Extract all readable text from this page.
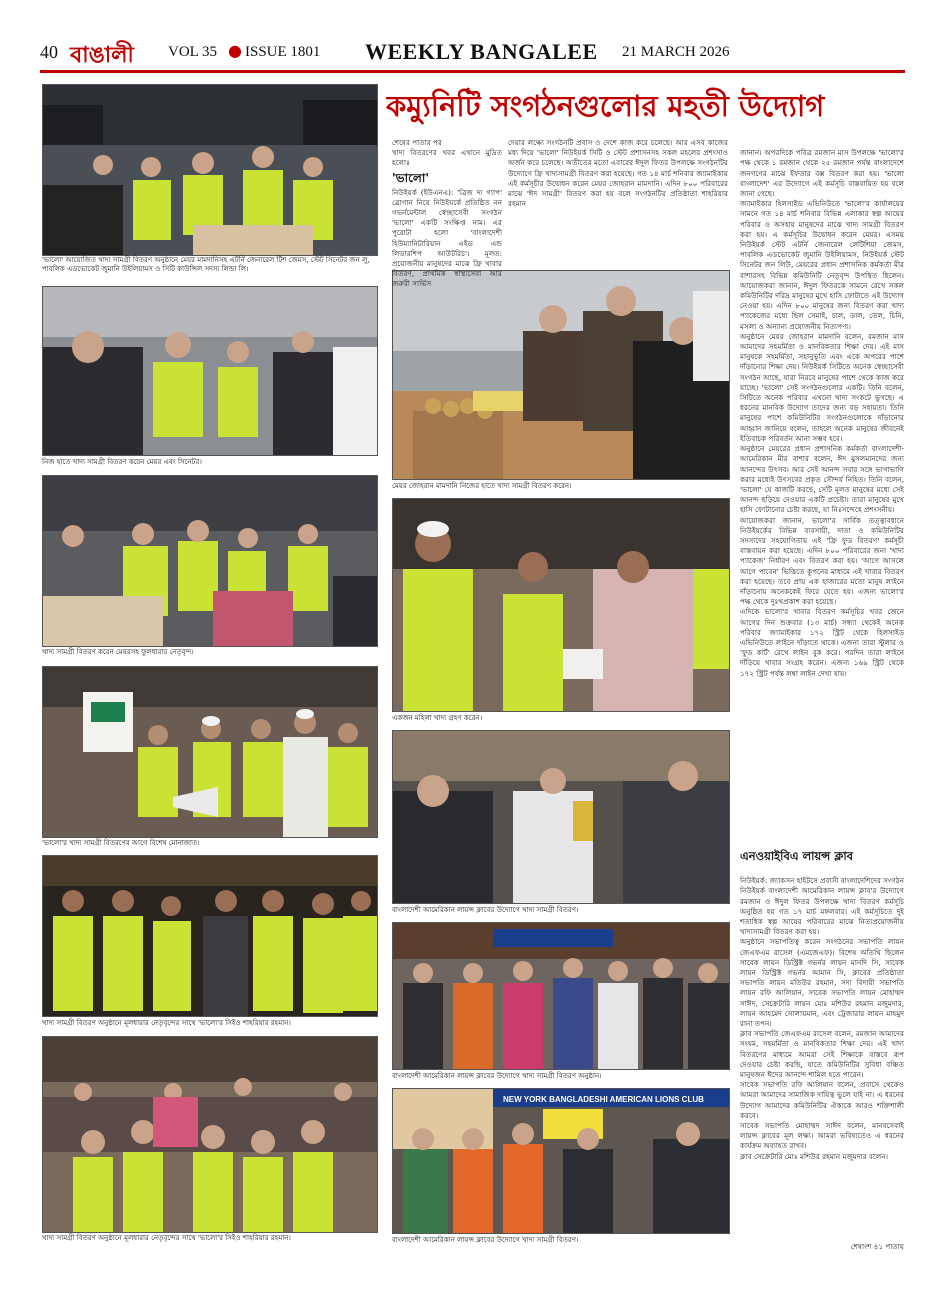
40 বাঙালী	VOL 35 ● ISSUE 1801 WEEKLY BANGALEE 21 MARCH 2026
কম্যুনিটি সংগঠনগুলোর মহতী উদ্যোগ
'ভালো' আয়োজিত খাদ্য সামগ্রী বিতরণ অনুষ্ঠানে মেয়র মামদানিসহ এটর্নি জেনারেল টিশ জেমস, স্টেট সিনেটর জন লু, পাবলিক এডভোকেট জুমানি উইলিয়ামস ও সিটি কাউন্সিল সদস্য লিন্ডা লি।
নিজ হাতে খাদ্য সামগ্রী বিতরণ করেন মেয়র এবং সিনেটর।
খাদ্য সামগ্রী বিতরণ করেন মেয়রসহ ফুলধারার নেতৃবৃন্দ।
'ভালো'র খাদ্য সামগ্রী বিতরণের আগে বিশেষ মোনাজাত।
খাদ্য সামগ্রী বিতরণ অনুষ্ঠানে মূলধারার নেতৃবৃন্দের সাথে 'ভালো'র সিইও শাহরিয়ার রহমান।
খাদ্য সামগ্রী বিতরণ অনুষ্ঠানে মূলধারার নেতৃবৃন্দের সাথে 'ভালো'র সিইও শাহরিয়ার রহমান।
মেয়র জোহরান মামদানি নিজের হাতে খাদ্য সামগ্রী বিতরণ করেন।
একজন মহিলা খাদ্য গ্রহণ করেন।
বাংলাদেশী আমেরিকান লায়ন্স ক্লাবের উদ্যোগে খাদ্য সামগ্রী বিতরণ।
বাংলাদেশী আমেরিকান লায়ন্স ক্লাবের উদ্যোগে খাদ্য সামগ্রী বিতরণ অনুষ্ঠান।
NEW YORK BANGLADESHI AMERICAN LIONS CLUB
বাংলাদেশী আমেরিকান লায়ন্স ক্লাবের উদ্যোগে খাদ্য সামগ্রী বিতরণ।
শেষের পাতার পর
খাদ্য বিতরণের খবর এখানে মুদ্রিত হলোঃ
'ভালো'
নিউইয়র্ক (ইউএনএ): 'ব্রিজ দ্য গ্যাপ' স্লোগান নিয়ে নিউইয়র্কে প্রতিষ্ঠিত নন গভর্নমেন্টাল স্বেচ্ছাসেবী সংগঠন 'ভালো' একটি সংক্ষিপ্ত নাম। এর পুরোটা হলো 'বাংলাদেশী হিউম্যানিটারিয়ান এইড এন্ড লিডারশিপ আউটরিচ'। মূলত: প্রয়োজনীয় মানুষদের মাঝে ফ্রি খাবার বিতরণ, প্রাথমিক স্বাস্থ্যসেবা আর জরুরী সার্ভিস
দেয়ার লক্ষ্যে সংগঠনটি প্রবাস ও দেশে কাজ করে চলেছে। আর এসব কাজের মধ্য দিয়ে 'ভালো' নিউইয়র্ক সিটি ও স্টেট প্রশাসনসহ সকল মহলের প্রশংসাও অর্জন করে চলেছে। অতীতের মতো এবারের ঈদুল ফিতর উপলক্ষে সংগঠনটির উদ্যোগে ফ্রি খাদ্যসামগ্রী বিতরণ করা হয়েছে। গত ১৪ মার্চ শনিবার জ্যামাইকায় এই কর্মসূচীর উদ্বোধন করেন মেয়র জোহরান মামদানি। এদিন ৮০০ পরিবারের মাঝে 'ঈদ সামগ্রী' বিতরণ করা হয় বলে সংগঠনটির প্রতিষ্ঠাতা শাহরিয়ার রহমান

জানান। অপরদিকে পবিত্র রমজান মাস উপলক্ষে 'ভালো'র পক্ষ থেকে ১ রমজান থেকে ২৫ রমজান পর্যন্ত বাংলাদেশে জনগণের মাঝে ইফতার বক্স বিতরণ করা হয়। 'ভালো বাংলাদেশ' এর উদ্যোগে এই কর্মসূচি বাস্তবায়িত হয় বলে জানা গেছে।
জ্যামাইকার হিলসাইড এভিনিউতে 'ভালো'র কার্যালয়ের সামনে গত ১৪ মার্চ শনিবার বিভিন্ন এলাকার স্বল্প আয়ের পরিবার ও অসহায় মানুষদের মাঝে খাদ্য সামগ্রী বিতরণ করা হয়। এ কর্মসূচির উদ্বোধন করেন মেয়র। এসময় নিউইয়র্ক স্টেট এটর্নি জেনারেল লেটিশিয়া জেমস, পাবলিক এডভোকেট জুমানি উইলিয়ামস, নিউইয়র্ক স্টেট সিনেটর জন লিউ, মেয়রের প্রধান প্রশাসনিক কর্মকর্তা মীর বাশারসহ বিভিন্ন কমিউনিটি নেতৃবৃন্দ উপস্থিত ছিলেন। আয়োজকরা জানান, ঈদুল ফিতরকে সামনে রেখে সকল কমিউনিটির দরিদ্র মানুষের মুখে হাসি ফোটাতে এই উদ্যোগ নেওয়া হয়। এদিন ৮০০ মানুষের জন্য বিতরণ করা খাদ্য প্যাকেজের মধ্যে ছিল সেমাই, চাল, ডাল, তেল, চিনি, মসলা ও অন্যান্য প্রয়োজনীয় নিত্যপণ্য।
অনুষ্ঠানে মেয়র জোহরান মামদানি বলেন, রমজান মাস আমাদের সহমর্মিতা ও মানবিকতার শিক্ষা দেয়। এই মাস মানুষকে সহমর্মিতা, সহানুভূতি এবং একে অপরের পাশে দাঁড়ানোর শিক্ষা দেয়। নিউইয়র্ক সিটিতে অনেক স্বেচ্ছাসেবী সংগঠন আছে, যারা নিরবে মানুষের পাশে থেকে কাজ করে যাচ্ছে। 'ভালো' সেই সংগঠনগুলোর একটি। তিনি বলেন, সিটিতে অনেক পরিবার এখনো খাদ্য সংকটে ভুগছে। এ ধরনের মানবিক উদ্যোগ তাদের জন্য বড় সহায়তা। তিনি মানুষের পাশে কমিউনিটির সংগঠনগুলোকে দাঁড়ানোর আহ্বান জানিয়ে বলেন, তাহলে অনেক মানুষের জীবনেই ইতিবাচক পরিবর্তন আনা সম্ভব হবে।
অনুষ্ঠানে মেয়রের প্রধান প্রশাসনিক কর্মকর্তা বাংলাদেশী-আমেরিকান মীর বাশার বলেন, ঈদ মুসলমানদের জন্য আনন্দের উৎসব। আর সেই আনন্দ সবার সঙ্গে ভাগাভাগি করার মধ্যেই উৎসবের প্রকৃত সৌন্দর্য নিহিত। তিনি বলেন, 'ভালো' যে কাজটি করছে, সেটি মূলত মানুষের মধ্যে সেই আনন্দ ছড়িয়ে দেওয়ার একটি প্রচেষ্টা। তারা মানুষের মুখে হাসি ফোটানোর চেষ্টা করছে, যা নিঃসন্দেহে প্রশংসনীয়।
আয়োজকরা জানান, ভালো'র সার্বিক তত্ত্বাবধানে নিউইয়র্কের বিভিন্ন ব্যবসায়ী, দাতা ও কমিউনিটির সদস্যদের সহযোগিতায় এই 'ফ্রি ফুড বিতরণ' কর্মসূচী বাস্তবায়ন করা হয়েছে। এদিন ৮০০ পরিবারের জন্য 'খাদ্য প্যাকেজ' নির্ধারণ এবং বিতরণ করা হয়। 'আগে আসলে আগে পাবেন' ভিত্তিতে কুপনের মাধ্যমে এই খাবার বিতরণ করা হয়েছে। তবে প্রায় এক হাজারের মতো মানুষ লাইনে দাঁড়ানোয় অনেককেই ফিরে যেতে হয়। এজন্য ভালো'র পক্ষ থেকে দুঃখপ্রকাশ করা হয়েছে।
এদিকে ভালো'র খাবার বিতরণ কর্মসূচির খবর জেনে আগের দিন শুক্রবার (১৩ মার্চ) সন্ধ্যা থেকেই অনেক পরিবার জ্যামাইকার ১৭২ স্ট্রিট থেকে হিলসাইড এভিনিউতে লাইনে দাঁড়াতে থাকে। এজন্য তারা স্টুলার ও 'ফুড কার্ট' রেখে লাইন বুক করে। পরদিন তারা লাইনে দাঁড়িয়ে খাবার সংগ্রহ করেন। এজন্য ১৬৯ স্ট্রিট থেকে ১৭২ স্ট্রিট পর্যন্ত লম্বা লাইন দেখা যায়।

এনওয়াইবিএ লায়ন্স ক্লাব

নিউইয়র্ক: জ্যাকসন হাইটসে প্রবাসী বাংলাদেশিদের সংগঠন নিউইয়র্ক বাংলাদেশী আমেরিকান লায়ন্স ক্লাব'র উদ্যোগে রমজান ও ঈদুল ফিতর উপলক্ষে খাদ্য বিতরণ কর্মসূচি অনুষ্ঠিত হয় গত ১৭ মার্চ মঙ্গলবার। এই কর্মসূচিতে দুই শতাধিক স্বল্প আয়ের পরিবারের মাঝে নিত্যপ্রয়োজনীয় খাদ্যসামগ্রী বিতরণ করা হয়।
অনুষ্ঠানে সভাপতিত্ব করেন সংগঠনের সভাপতি লায়ন জেএফএম রাসেল (এমজেএফ)। বিশেষ অতিথি ছিলেন সাবেক লায়ন ডিস্ট্রিক্ট গভর্নর লায়ন মানদি সি, সাবেক লায়ন ডিস্ট্রিক্ট গভর্নর আমান সি, ক্লাবের প্রতিষ্ঠাতা সভাপতি লায়ন মতিউর রহমান, সদ্য বিদায়ী সভাপতি লায়ন রফি আলিয়ান, সাবেক সভাপতি লায়ন মোহাম্মদ সাঈদ, সেক্রেটারি লায়ন মোঃ মশিউর রহমান মজুমদার, লায়ন আহমেদ সোলায়মান, এবং ট্রেজারার লায়ন মাহমুদ রানা তপন।
ক্লাব সভাপতি জেএফএম রাসেল বলেন, রমজান আমাদের সংযম, সহমর্মিতা ও মানবিকতার শিক্ষা দেয়। এই খাদ্য বিতরণের মাধ্যমে আমরা সেই শিক্ষাকে বাস্তবে রূপ দেওয়ার চেষ্টা করছি, যাতে কমিউনিটির সুবিধা বঞ্চিত মানুষজন ঈদের আনন্দে শামিল হতে পারেন।
সাবেক সভাপতি রফি আলিয়ান বলেন, প্রবাসে থেকেও আমরা আমাদের সামাজিক দায়িত্ব ভুলে যাই না। এ ধরনের উদ্যোগ আমাদের কমিউনিটির ঐক্যকে আরও শক্তিশালী করবে।
সাবেক সভাপতি মোহাম্মদ সাঈদ বলেন, মানবসেবাই লায়ন্স ক্লাবের মূল লক্ষ্য। আমরা ভবিষ্যতেও এ ধরনের কার্যক্রম অব্যাহত রাখব।
ক্লাব সেক্রেটারি মোঃ মশিউর রহমান মজুমদার বলেন।

শেষাংশ ৪১ পাতায়
